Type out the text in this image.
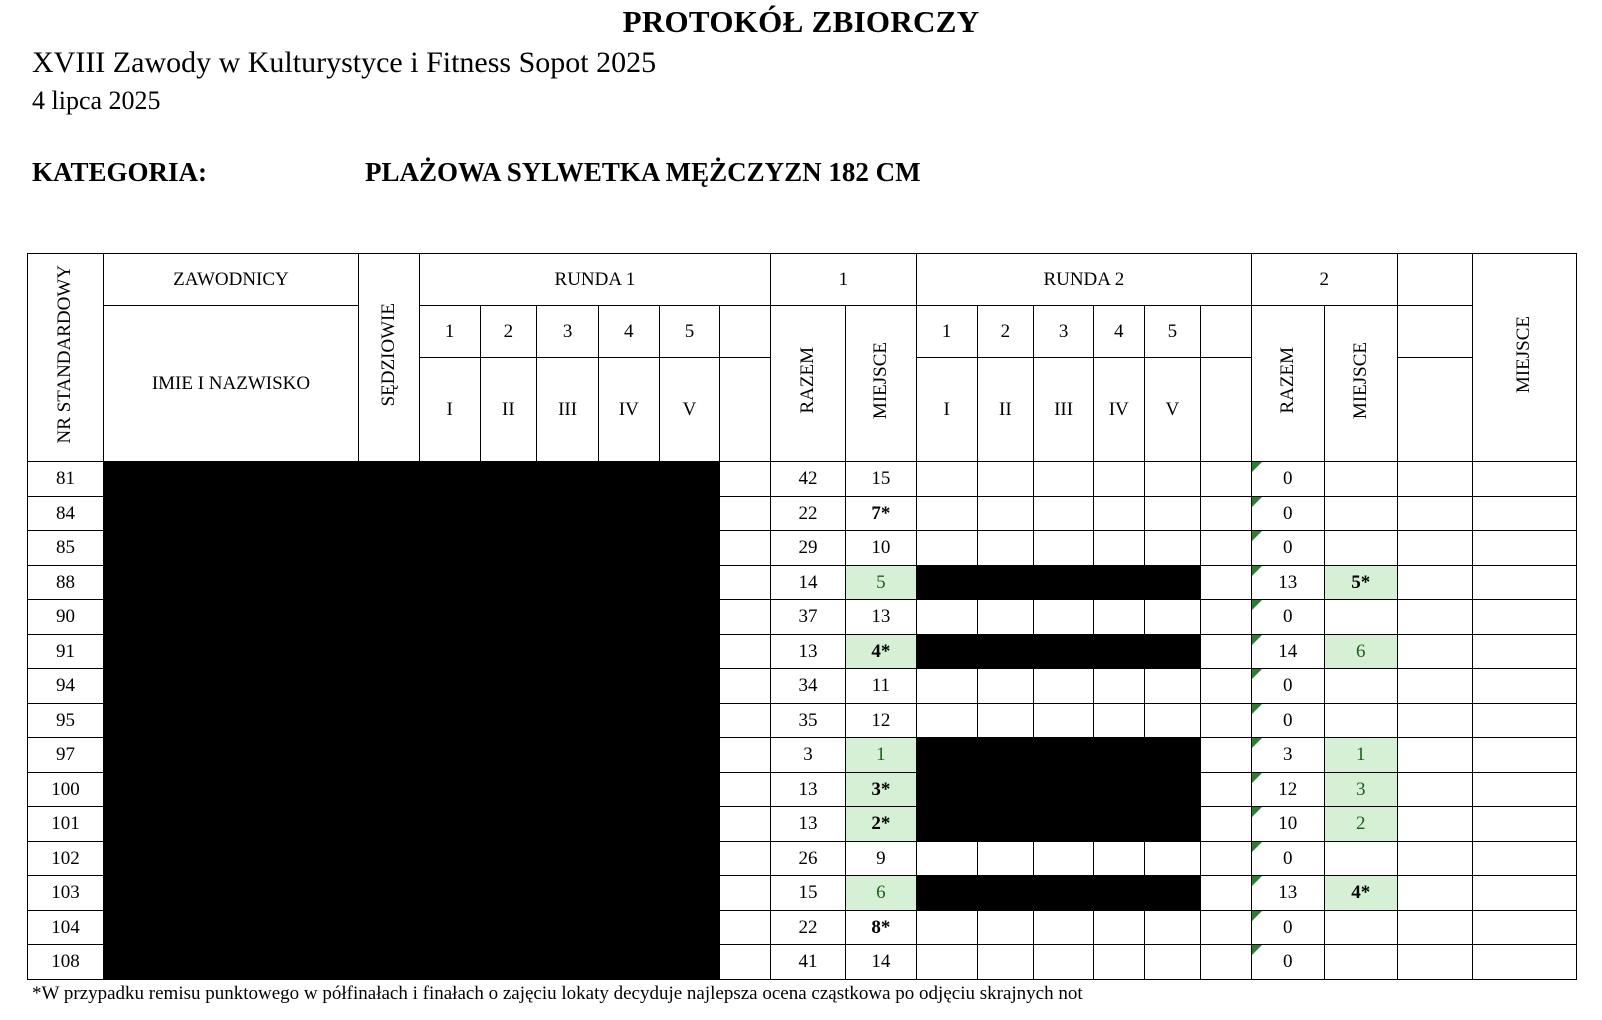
PROTOKÓŁ ZBIORCZY
XVIII Zawody w Kulturystyce i Fitness Sopot 2025
4 lipca 2025
KATEGORIA:	PLAŻOWA SYLWETKA MĘŻCZYZN 182 CM
NR STANDARDOWY	ZAWODNICY	SĘDZIOWIE	RUNDA 1						1		RUNDA 2						2			MIEJSCE
	IMIE I NAZWISKO		1	2	3	4	5		RAZEM	MIEJSCE	1	2	3	4	5		RAZEM	MIEJSCE		
			I	II	III	IV	V				I	II	III	IV	V					
81									42	15							0			
84									22	7*							0			
85									29	10							0			
88									14	5							13	5*		
90									37	13							0			
91									13	4*							14	6		
94									34	11							0			
95									35	12							0			
97									3	1							3	1		
100									13	3*							12	3		
101									13	2*							10	2		
102									26	9							0			
103									15	6							13	4*		
104									22	8*							0			
108									41	14							0			
*W przypadku remisu punktowego w półfinałach i finałach o zajęciu lokaty decyduje najlepsza ocena cząstkowa po odjęciu skrajnych not
